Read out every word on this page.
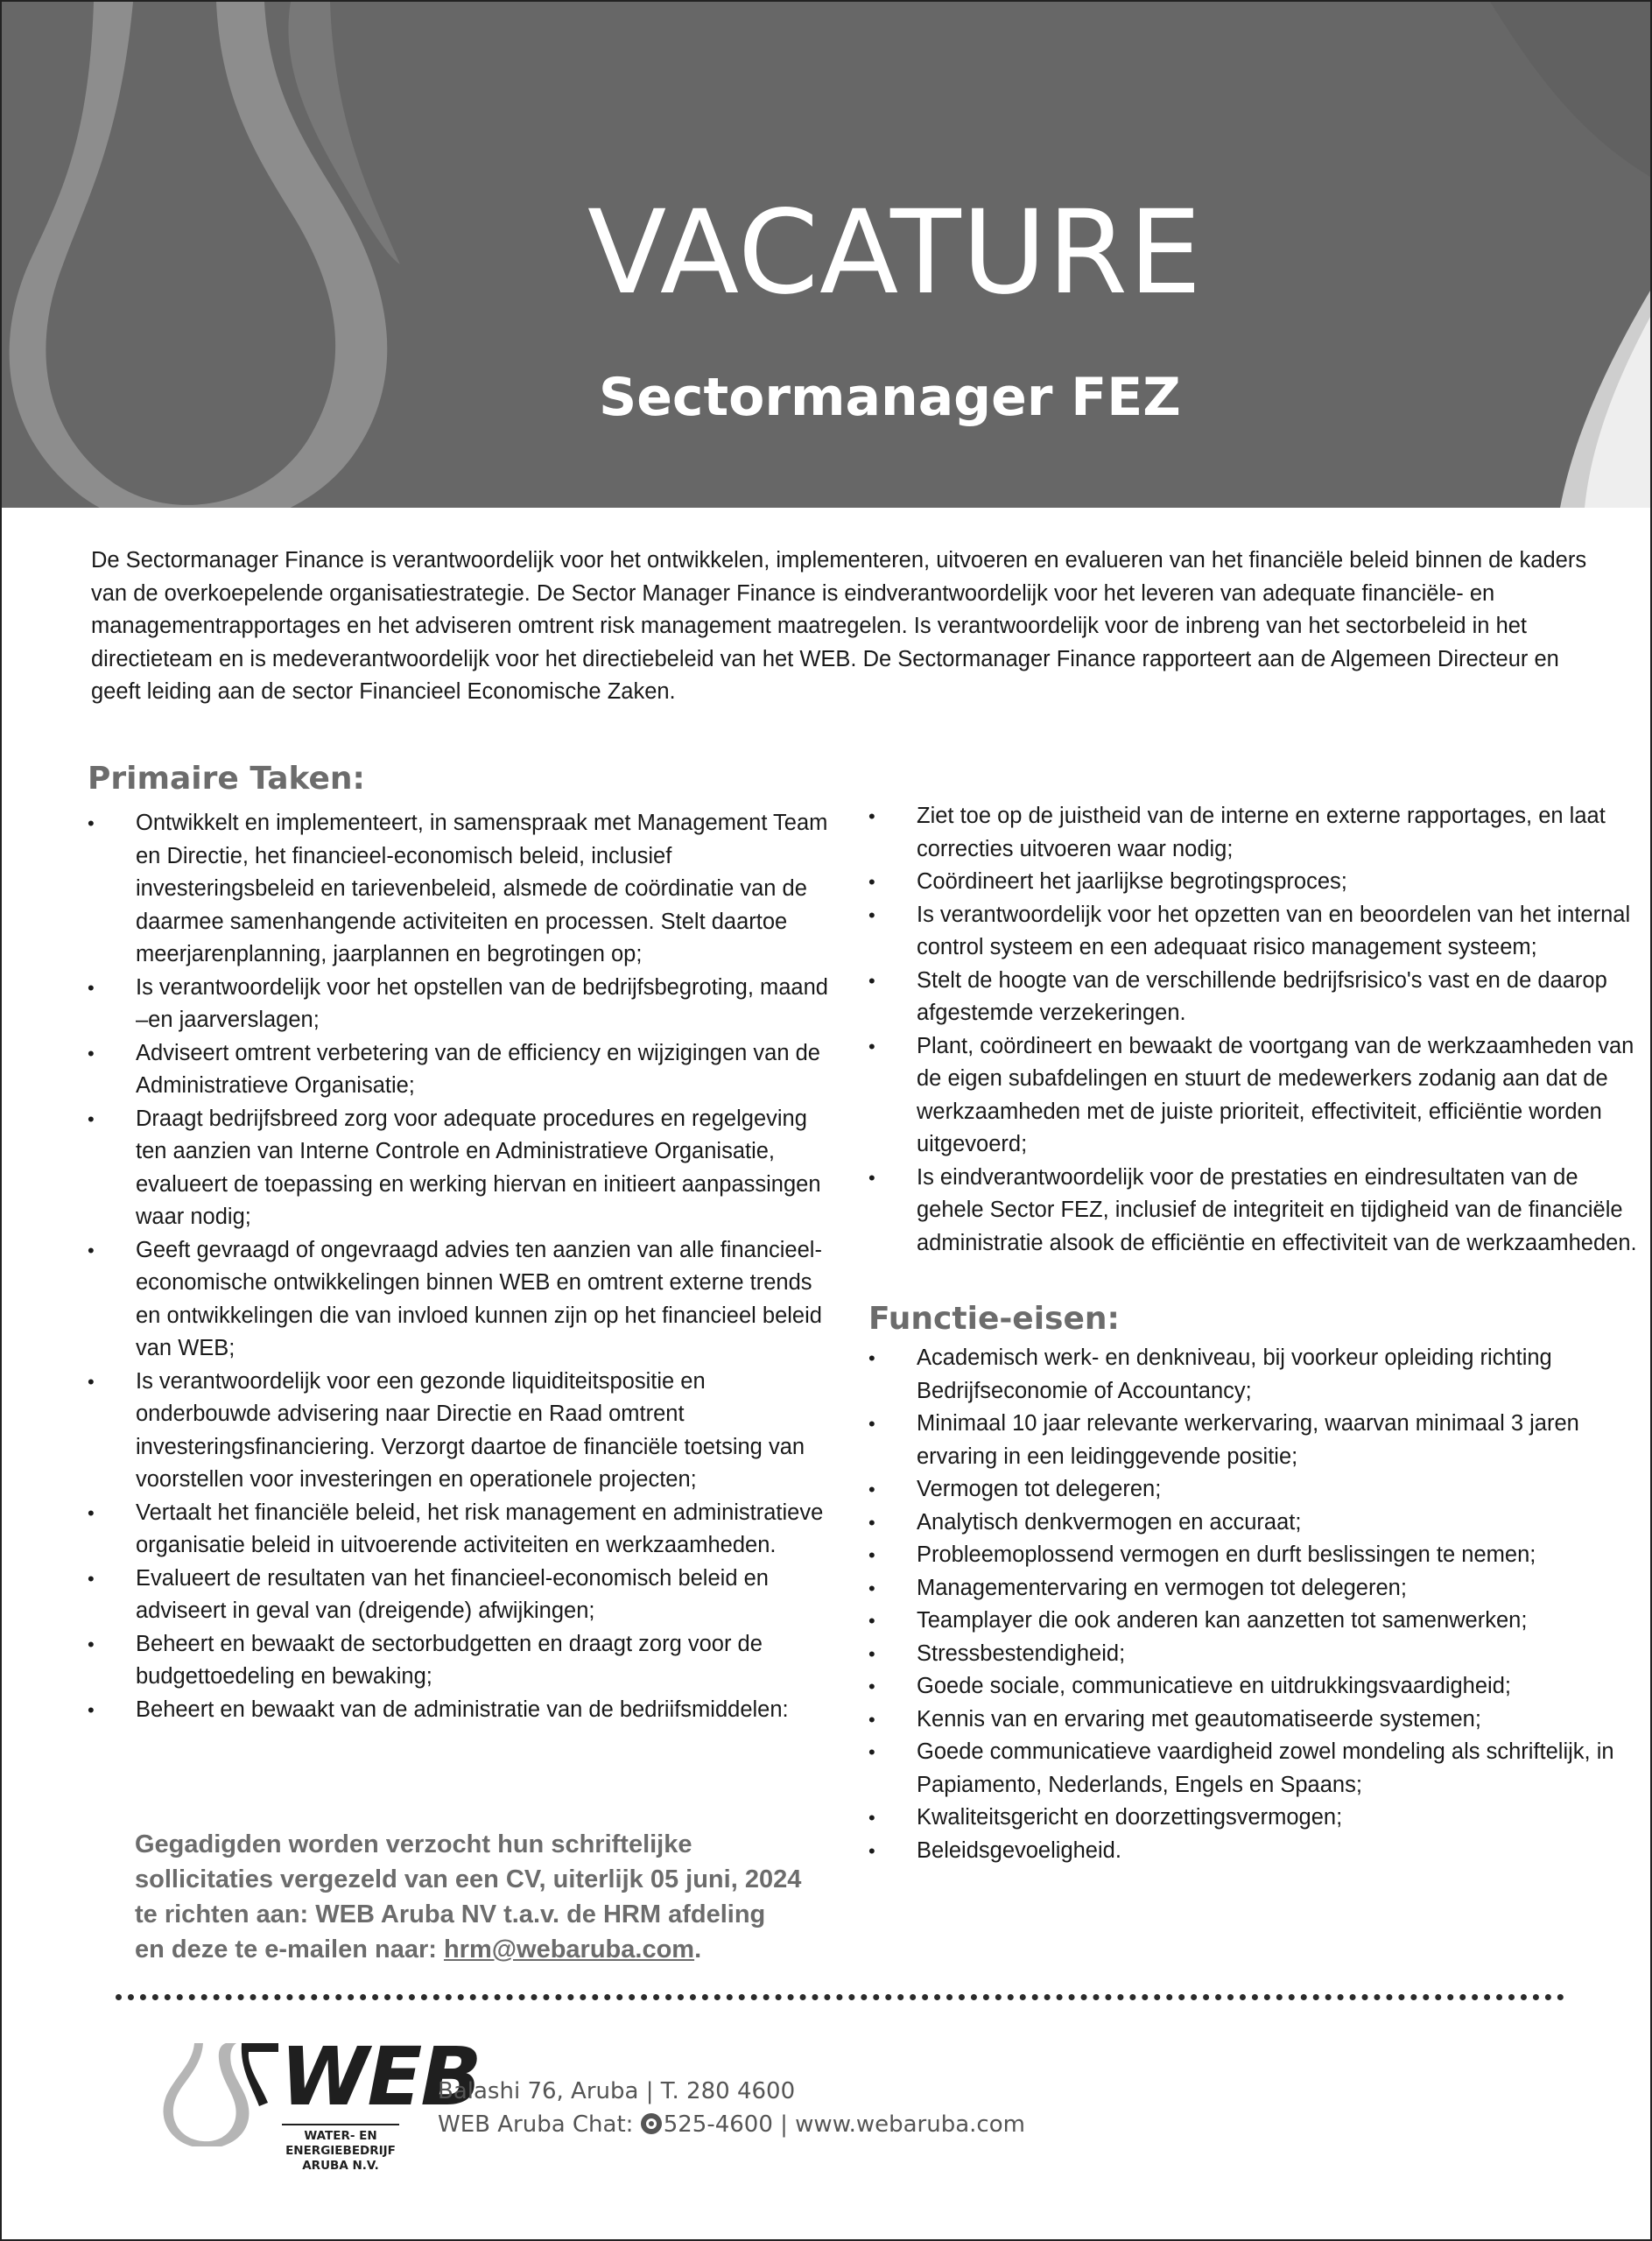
VACATURE
Sectormanager FEZ

De Sectormanager Finance is verantwoordelijk voor het ontwikkelen, implementeren, uitvoeren en evalueren van het financiële beleid binnen de kaders van de overkoepelende organisatiestrategie. De Sector Manager Finance is eindverantwoordelijk voor het leveren van adequate financiële- en managementrapportages en het adviseren omtrent risk management maatregelen. Is verantwoordelijk voor de inbreng van het sectorbeleid in het directieteam en is medeverantwoordelijk voor het directiebeleid van het WEB. De Sectormanager Finance rapporteert aan de Algemeen Directeur en geeft leiding aan de sector Financieel Economische Zaken.

Primaire Taken:
•	Ontwikkelt en implementeert, in samenspraak met Management Team en Directie, het financieel-economisch beleid, inclusief investeringsbeleid en tarievenbeleid, alsmede de coördinatie van de daarmee samenhangende activiteiten en processen. Stelt daartoe meerjarenplanning, jaarplannen en begrotingen op;
•	Is verantwoordelijk voor het opstellen van de bedrijfsbegroting, maand –en jaarverslagen;
•	Adviseert omtrent verbetering van de efficiency en wijzigingen van de Administratieve Organisatie;
•	Draagt bedrijfsbreed zorg voor adequate procedures en regelgeving ten aanzien van Interne Controle en Administratieve Organisatie, evalueert de toepassing en werking hiervan en initieert aanpassingen waar nodig;
•	Geeft gevraagd of ongevraagd advies ten aanzien van alle financieel-economische ontwikkelingen binnen WEB en omtrent externe trends en ontwikkelingen die van invloed kunnen zijn op het financieel beleid van WEB;
•	Is verantwoordelijk voor een gezonde liquiditeitspositie en onderbouwde advisering naar Directie en Raad omtrent investeringsfinanciering. Verzorgt daartoe de financiële toetsing van voorstellen voor investeringen en operationele projecten;
•	Vertaalt het financiële beleid, het risk management en administratieve organisatie beleid in uitvoerende activiteiten en werkzaamheden.
•	Evalueert de resultaten van het financieel-economisch beleid en adviseert in geval van (dreigende) afwijkingen;
•	Beheert en bewaakt de sectorbudgetten en draagt zorg voor de budgettoedeling en bewaking;
•	Beheert en bewaakt van de administratie van de bedriifsmiddelen:
•	Ziet toe op de juistheid van de interne en externe rapportages, en laat correcties uitvoeren waar nodig;
•	Coördineert het jaarlijkse begrotingsproces;
•	Is verantwoordelijk voor het opzetten van en beoordelen van het internal control systeem en een adequaat risico management systeem;
•	Stelt de hoogte van de verschillende bedrijfsrisico's vast en de daarop afgestemde verzekeringen.
•	Plant, coördineert en bewaakt de voortgang van de werkzaamheden van de eigen subafdelingen en stuurt de medewerkers zodanig aan dat de werkzaamheden met de juiste prioriteit, effectiviteit, efficiëntie worden uitgevoerd;
•	Is eindverantwoordelijk voor de prestaties en eindresultaten van de gehele Sector FEZ, inclusief de integriteit en tijdigheid van de financiële administratie alsook de efficiëntie en effectiviteit van de werkzaamheden.
Functie-eisen:
•	Academisch werk- en denkniveau, bij voorkeur opleiding richting Bedrijfseconomie of Accountancy;
•	Minimaal 10 jaar relevante werkervaring, waarvan minimaal 3 jaren ervaring in een leidinggevende positie;
•	Vermogen tot delegeren;
•	Analytisch denkvermogen en accuraat;
•	Probleemoplossend vermogen en durft beslissingen te nemen;
•	Managementervaring en vermogen tot delegeren;
•	Teamplayer die ook anderen kan aanzetten tot samenwerken;
•	Stressbestendigheid;
•	Goede sociale, communicatieve en uitdrukkingsvaardigheid;
•	Kennis van en ervaring met geautomatiseerde systemen;
•	Goede communicatieve vaardigheid zowel mondeling als schriftelijk, in Papiamento, Nederlands, Engels en Spaans;
•	Kwaliteitsgericht en doorzettingsvermogen;
•	Beleidsgevoeligheid.

Gegadigden worden verzocht hun schriftelijke
sollicitaties vergezeld van een CV, uiterlijk 05 juni, 2024
te richten aan: WEB Aruba NV t.a.v. de HRM afdeling
en deze te e-mailen naar: hrm@webaruba.com.

WEB
WATER- EN
ENERGIEBEDRIJF
ARUBA N.V.
Balashi 76, Aruba | T. 280 4600
WEB Aruba Chat: 525-4600 | www.webaruba.com
